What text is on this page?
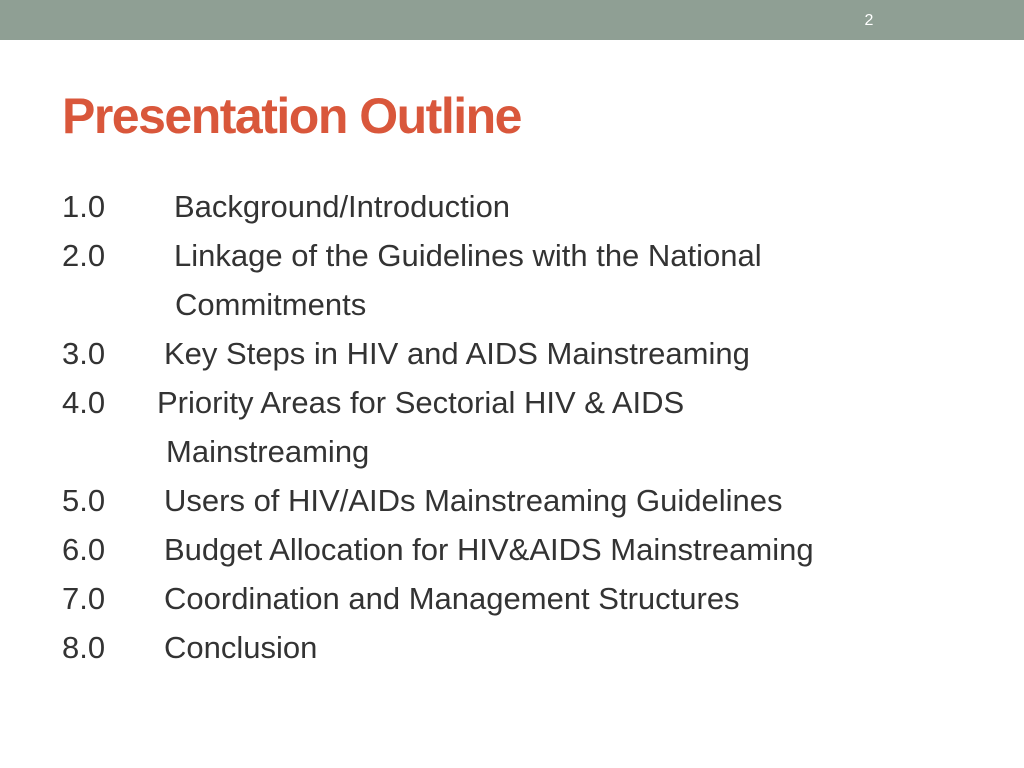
2
Presentation Outline
1.0 Background/Introduction
2.0 Linkage of the Guidelines with the National
Commitments
3.0 Key Steps in HIV and AIDS Mainstreaming
4.0 Priority Areas for Sectorial HIV & AIDS
Mainstreaming
5.0 Users of HIV/AIDs Mainstreaming Guidelines
6.0 Budget Allocation for HIV&AIDS Mainstreaming
7.0 Coordination and Management Structures
8.0 Conclusion
